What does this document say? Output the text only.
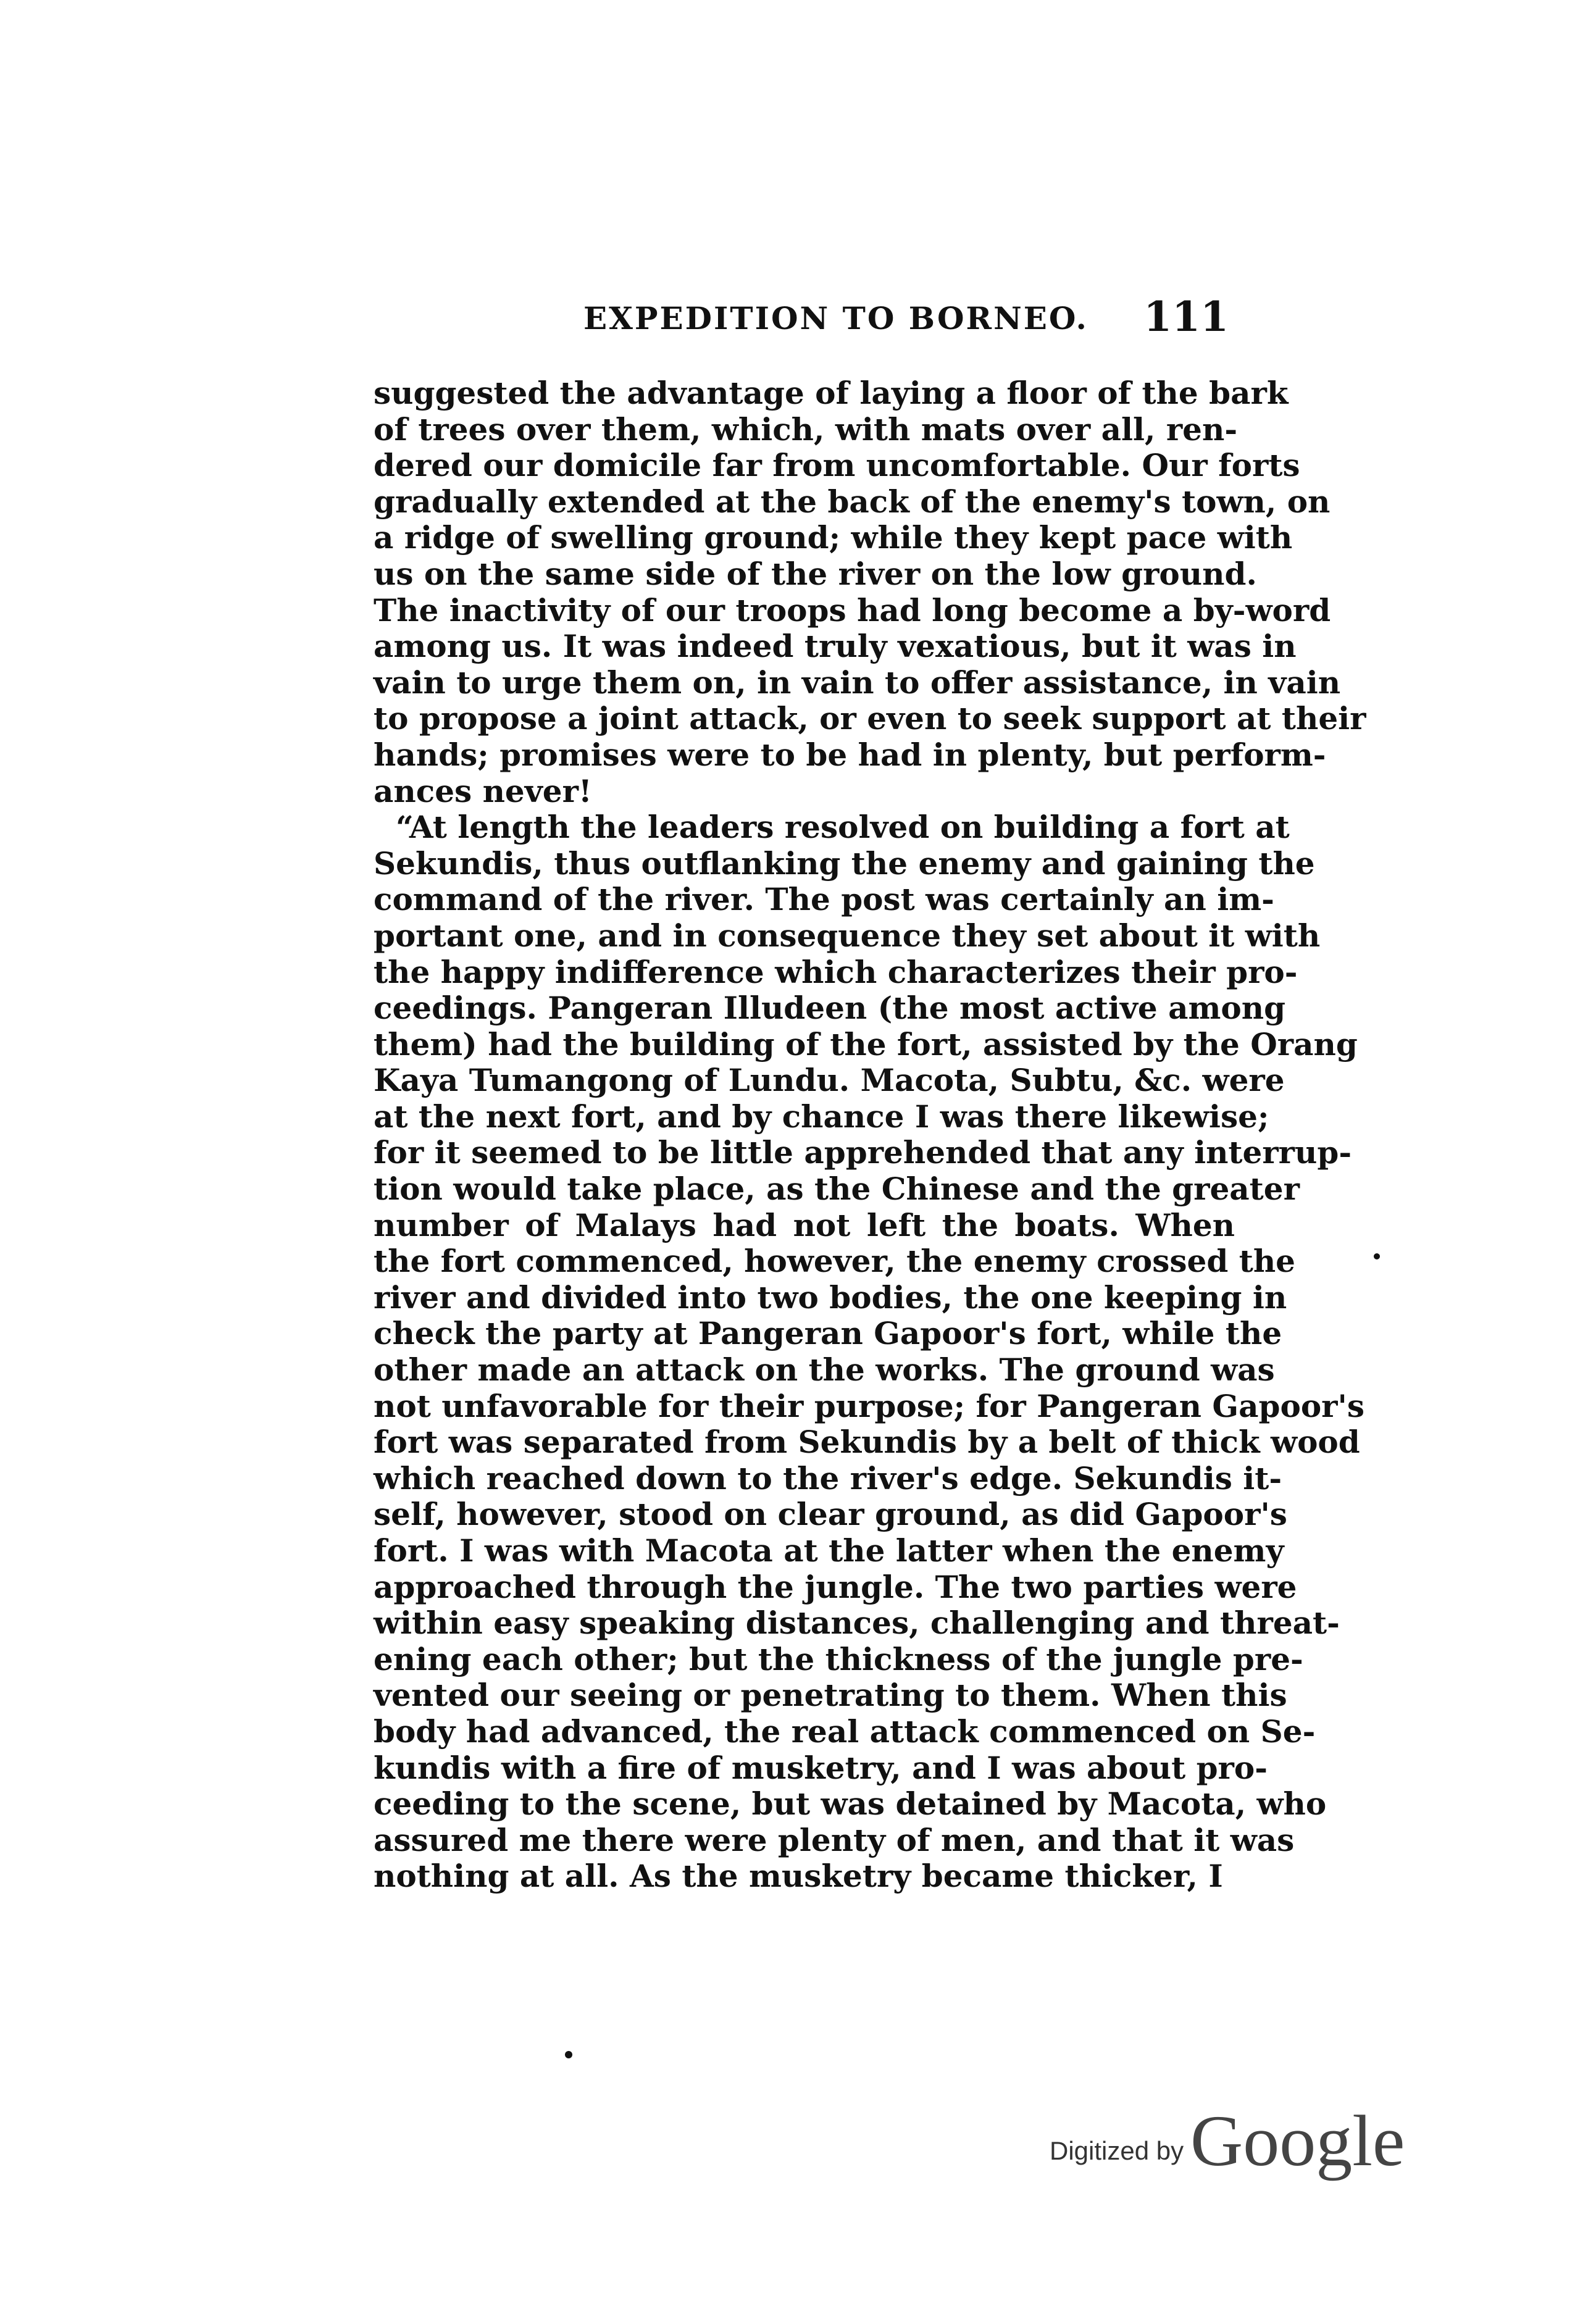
EXPEDITION TO BORNEO. 111
suggested the advantage of laying a floor of the bark
of trees over them, which, with mats over all, ren-
dered our domicile far from uncomfortable. Our forts
gradually extended at the back of the enemy's town, on
a ridge of swelling ground; while they kept pace with
us on the same side of the river on the low ground.
The inactivity of our troops had long become a by-word
among us. It was indeed truly vexatious, but it was in
vain to urge them on, in vain to offer assistance, in vain
to propose a joint attack, or even to seek support at their
hands; promises were to be had in plenty, but perform-
ances never!
“At length the leaders resolved on building a fort at
Sekundis, thus outflanking the enemy and gaining the
command of the river. The post was certainly an im-
portant one, and in consequence they set about it with
the happy indifference which characterizes their pro-
ceedings. Pangeran Illudeen (the most active among
them) had the building of the fort, assisted by the Orang
Kaya Tumangong of Lundu. Macota, Subtu, &c. were
at the next fort, and by chance I was there likewise;
for it seemed to be little apprehended that any interrup-
tion would take place, as the Chinese and the greater
number of Malays had not left the boats. When
the fort commenced, however, the enemy crossed the
river and divided into two bodies, the one keeping in
check the party at Pangeran Gapoor's fort, while the
other made an attack on the works. The ground was
not unfavorable for their purpose; for Pangeran Gapoor's
fort was separated from Sekundis by a belt of thick wood
which reached down to the river's edge. Sekundis it-
self, however, stood on clear ground, as did Gapoor's
fort. I was with Macota at the latter when the enemy
approached through the jungle. The two parties were
within easy speaking distances, challenging and threat-
ening each other; but the thickness of the jungle pre-
vented our seeing or penetrating to them. When this
body had advanced, the real attack commenced on Se-
kundis with a fire of musketry, and I was about pro-
ceeding to the scene, but was detained by Macota, who
assured me there were plenty of men, and that it was
nothing at all. As the musketry became thicker, I
Digitized by Google
